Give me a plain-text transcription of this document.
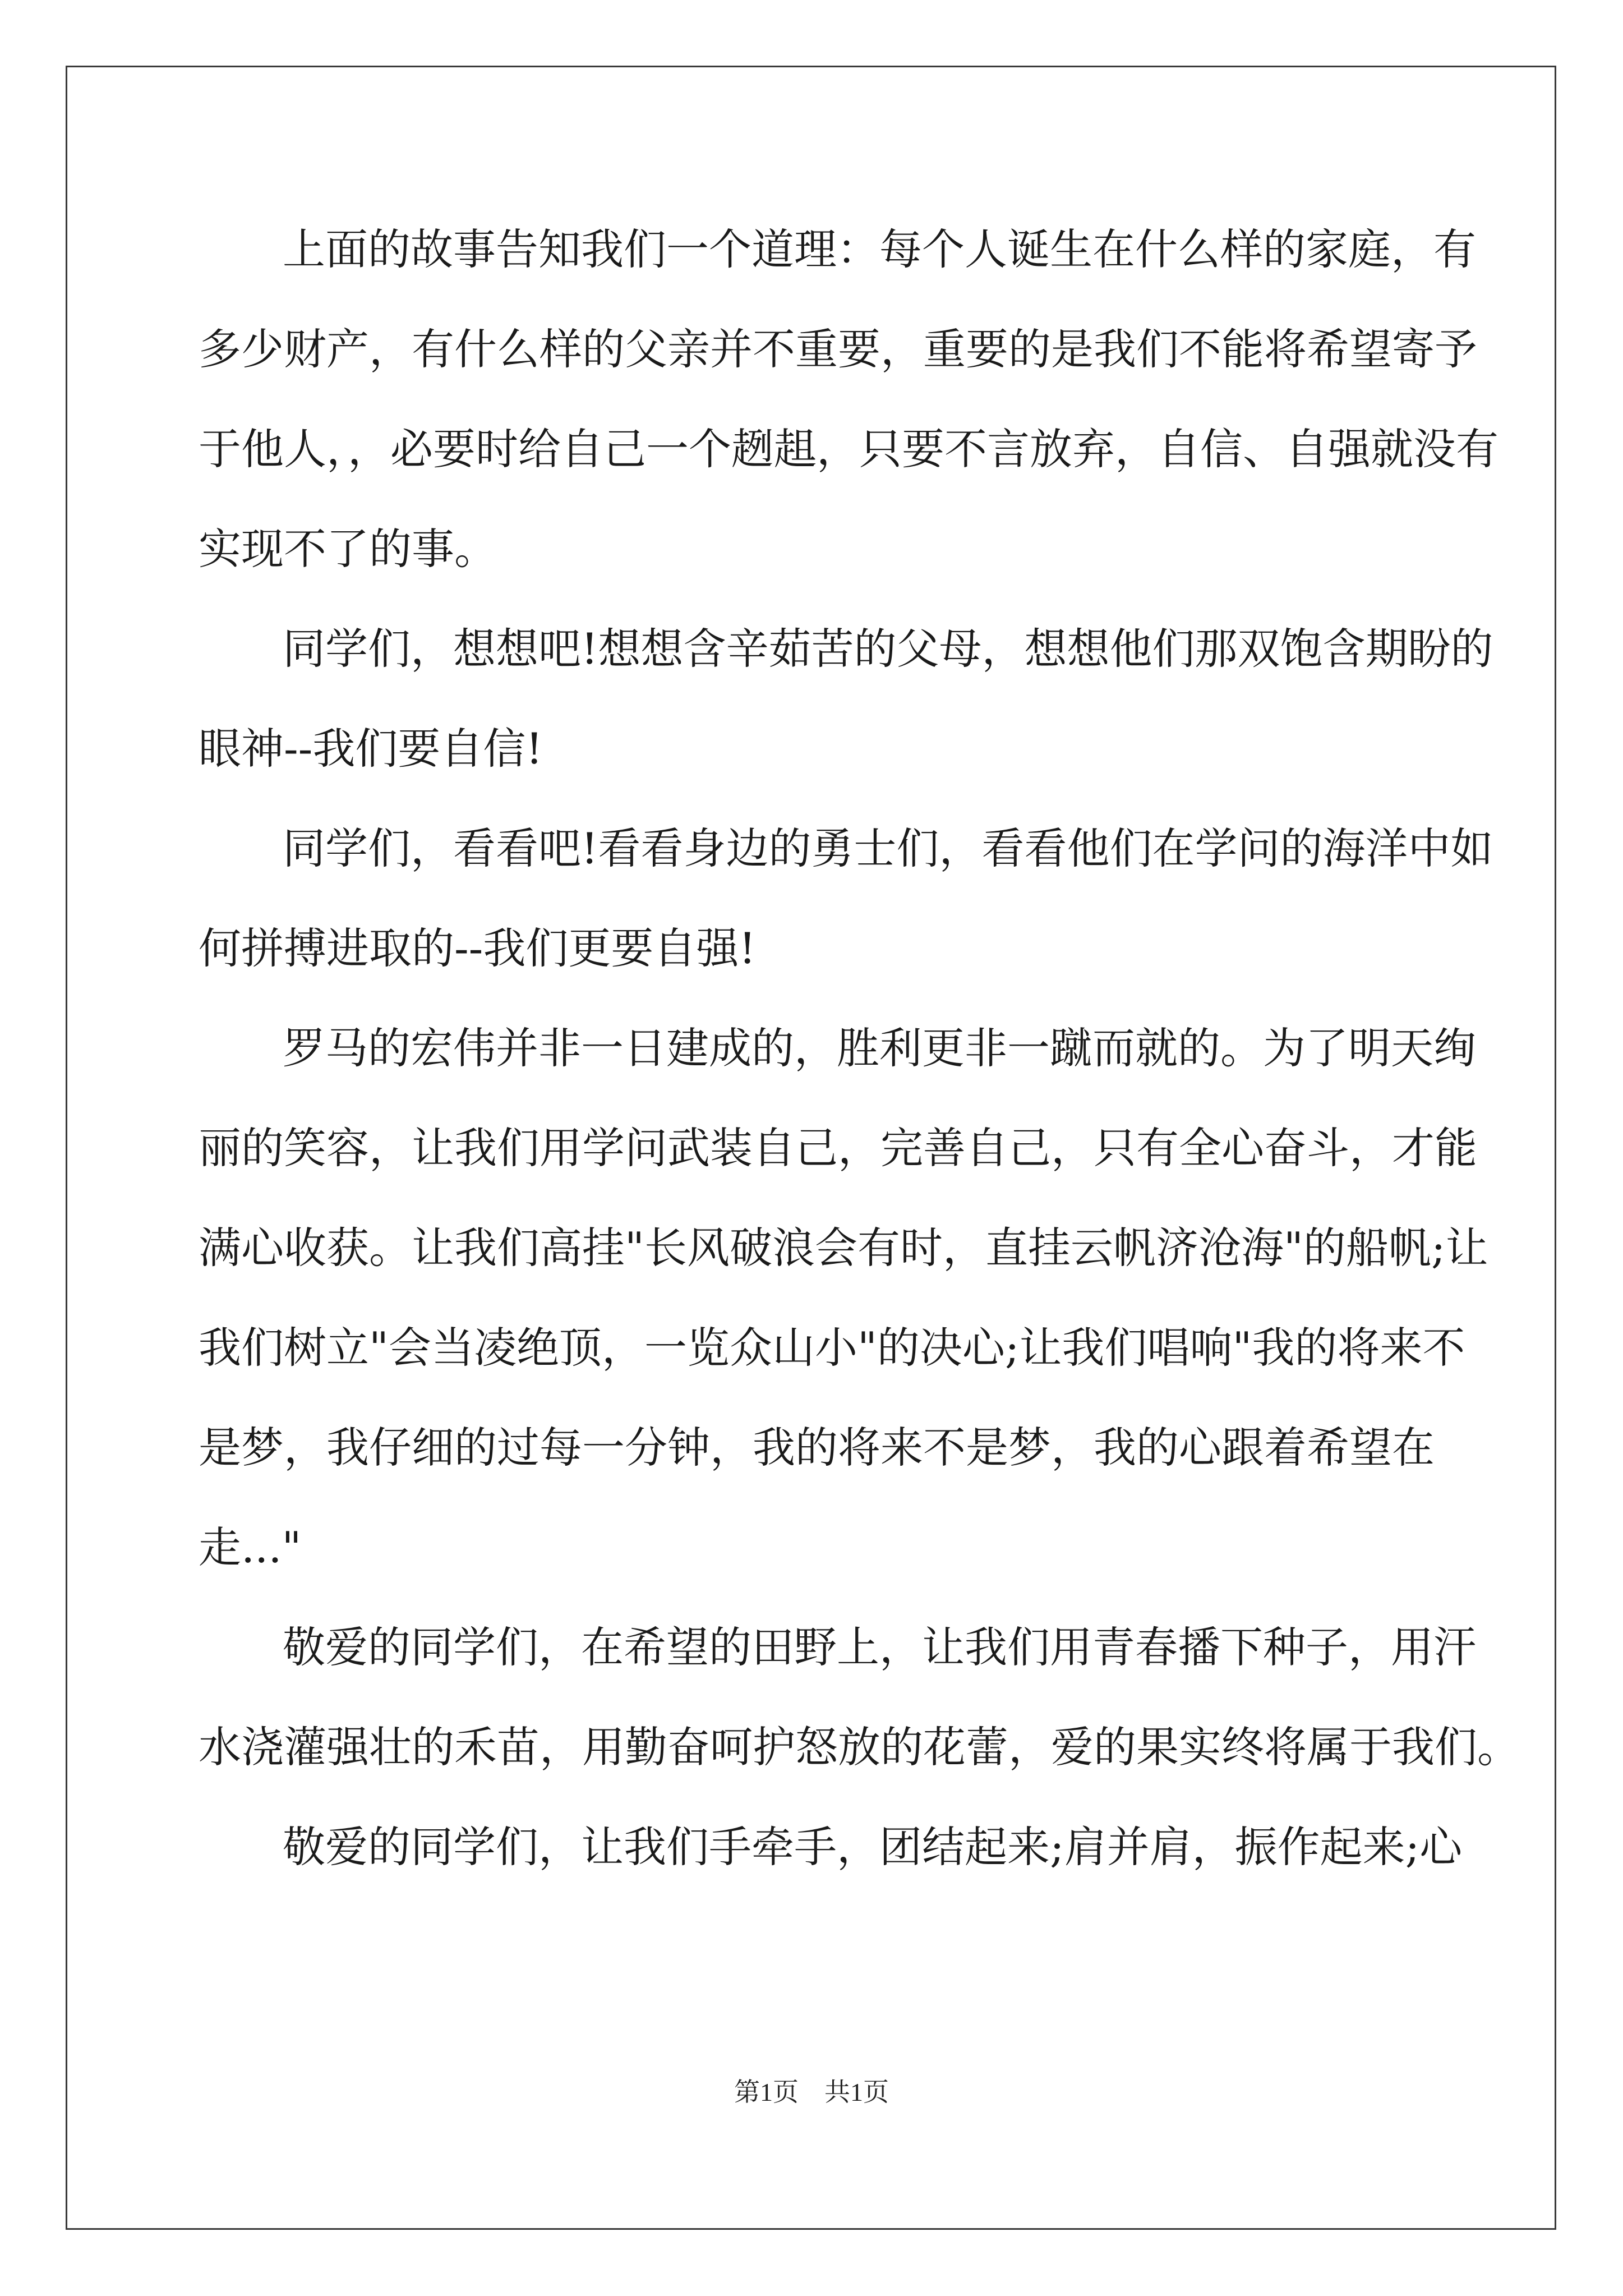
上面的故事告知我们一个道理：每个人诞生在什么样的家庭，有
多少财产，有什么样的父亲并不重要，重要的是我们不能将希望寄予
于他人，，必要时给自己一个趔趄，只要不言放弃，自信、自强就没有
实现不了的事。
同学们，想想吧!想想含辛茹苦的父母，想想他们那双饱含期盼的
眼神--我们要自信!
同学们，看看吧!看看身边的勇士们，看看他们在学问的海洋中如
何拼搏进取的--我们更要自强!
罗马的宏伟并非一日建成的，胜利更非一蹴而就的。为了明天绚
丽的笑容，让我们用学问武装自己，完善自己，只有全心奋斗，才能
满心收获。让我们高挂"长风破浪会有时，直挂云帆济沧海"的船帆;让
我们树立"会当凌绝顶，一览众山小"的决心;让我们唱响"我的将来不
是梦，我仔细的过每一分钟，我的将来不是梦，我的心跟着希望在
走..."
敬爱的同学们，在希望的田野上，让我们用青春播下种子，用汗
水浇灌强壮的禾苗，用勤奋呵护怒放的花蕾，爱的果实终将属于我们。
敬爱的同学们，让我们手牵手，团结起来;肩并肩，振作起来;心
第1页 共1页
